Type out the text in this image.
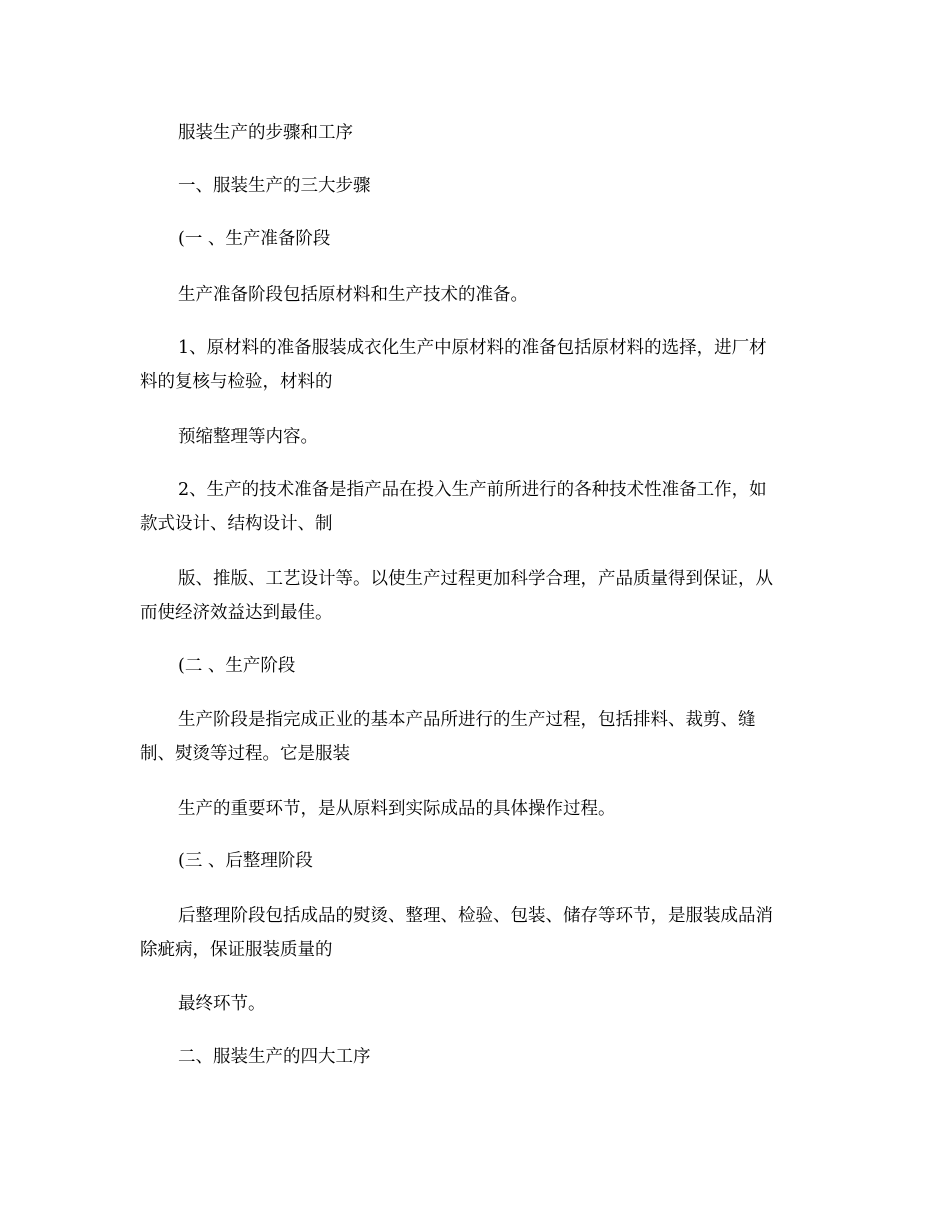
服装生产的步骤和工序
一、服装生产的三大步骤
(一 、生产准备阶段
生产准备阶段包括原材料和生产技术的准备。
1、原材料的准备服装成衣化生产中原材料的准备包括原材料的选择，进厂材
料的复核与检验，材料的
预缩整理等内容。
2、生产的技术准备是指产品在投入生产前所进行的各种技术性准备工作，如
款式设计、结构设计、制
版、推版、工艺设计等。以使生产过程更加科学合理，产品质量得到保证，从
而使经济效益达到最佳。
(二 、生产阶段
生产阶段是指完成正业的基本产品所进行的生产过程，包括排料、裁剪、缝
制、熨烫等过程。它是服装
生产的重要环节，是从原料到实际成品的具体操作过程。
(三 、后整理阶段
后整理阶段包括成品的熨烫、整理、检验、包装、储存等环节，是服装成品消
除疵病，保证服装质量的
最终环节。
二、服装生产的四大工序
